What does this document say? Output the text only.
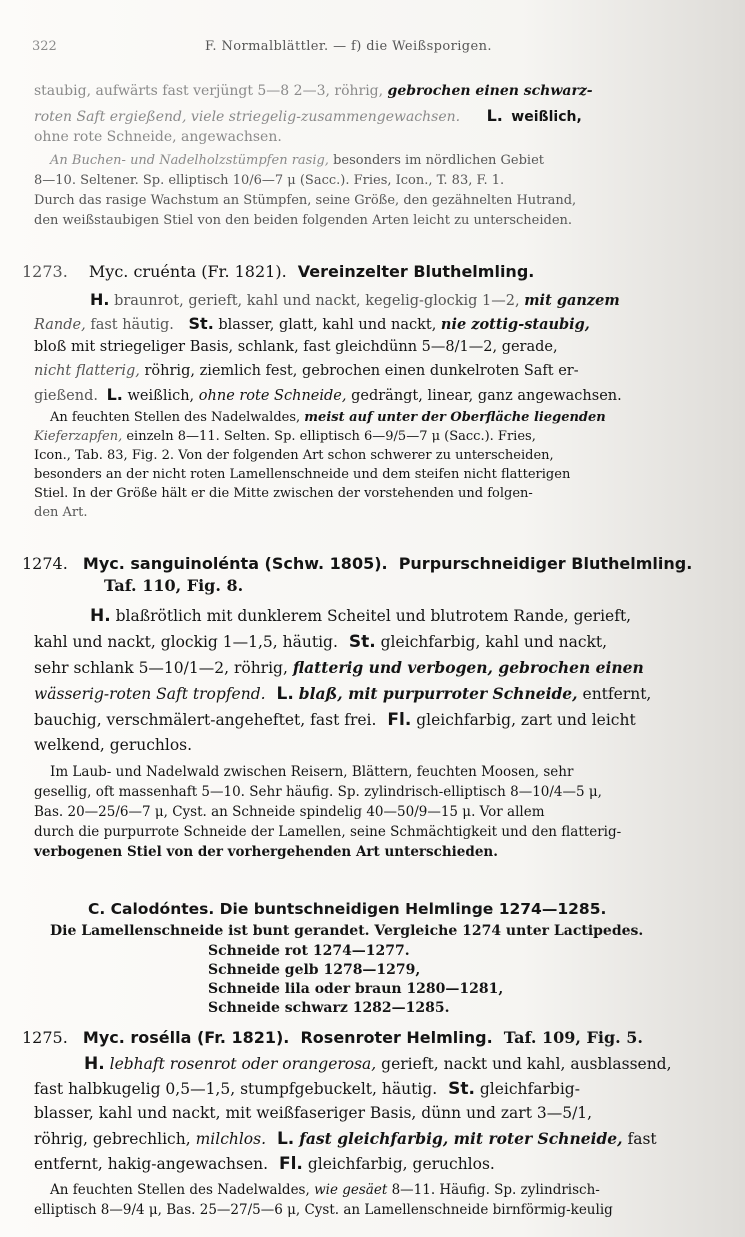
322	F. Normalblättler. — f) die Weißsporigen.
staubig, aufwärts fast verjüngt 5—8 2—3, röhrig, gebrochen einen schwarz-
roten Saft ergießend, viele striegelig-zusammengewachsen. L. weißlich,
ohne rote Schneide, angewachsen.
An Buchen- und Nadelholzstümpfen rasig, besonders im nördlichen Gebiet
8—10. Seltener. Sp. elliptisch 10/6—7 μ (Sacc.). Fries, Icon., T. 83, F. 1.
Durch das rasige Wachstum an Stümpfen, seine Größe, den gezähnelten Hutrand,
den weißstaubigen Stiel von den beiden folgenden Arten leicht zu unterscheiden.
1273. Myc. cruénta (Fr. 1821). Vereinzelter Bluthelmling.
H. braunrot, gerieft, kahl und nackt, kegelig-glockig 1—2, mit ganzem
Rande, fast häutig. St. blasser, glatt, kahl und nackt, nie zottig-staubig,
bloß mit striegeliger Basis, schlank, fast gleichdünn 5—8/1—2, gerade,
nicht flatterig, röhrig, ziemlich fest, gebrochen einen dunkelroten Saft er-
gießend. L. weißlich, ohne rote Schneide, gedrängt, linear, ganz angewachsen.
An feuchten Stellen des Nadelwaldes, meist auf unter der Oberfläche liegenden
Kieferzapfen, einzeln 8—11. Selten. Sp. elliptisch 6—9/5—7 μ (Sacc.). Fries,
Icon., Tab. 83, Fig. 2. Von der folgenden Art schon schwerer zu unterscheiden,
besonders an der nicht roten Lamellenschneide und dem steifen nicht flatterigen
Stiel. In der Größe hält er die Mitte zwischen der vorstehenden und folgen-
den Art.
1274. Myc. sanguinolénta (Schw. 1805). Purpurschneidiger Bluthelmling.
Taf. 110, Fig. 8.
H. blaßrötlich mit dunklerem Scheitel und blutrotem Rande, gerieft,
kahl und nackt, glockig 1—1,5, häutig. St. gleichfarbig, kahl und nackt,
sehr schlank 5—10/1—2, röhrig, flatterig und verbogen, gebrochen einen
wässerig-roten Saft tropfend. L. blaß, mit purpurroter Schneide, entfernt,
bauchig, verschmälert-angeheftet, fast frei. Fl. gleichfarbig, zart und leicht
welkend, geruchlos.
Im Laub- und Nadelwald zwischen Reisern, Blättern, feuchten Moosen, sehr
gesellig, oft massenhaft 5—10. Sehr häufig. Sp. zylindrisch-elliptisch 8—10/4—5 μ,
Bas. 20—25/6—7 μ, Cyst. an Schneide spindelig 40—50/9—15 μ. Vor allem
durch die purpurrote Schneide der Lamellen, seine Schmächtigkeit und den flatterig-
verbogenen Stiel von der vorhergehenden Art unterschieden.
C. Calodóntes. Die buntschneidigen Helmlinge 1274—1285.
Die Lamellenschneide ist bunt gerandet. Vergleiche 1274 unter Lactipedes.
Schneide rot 1274—1277.
Schneide gelb 1278—1279,
Schneide lila oder braun 1280—1281,
Schneide schwarz 1282—1285.
1275. Myc. roséllа (Fr. 1821). Rosenroter Helmling. Taf. 109, Fig. 5.
H. lebhaft rosenrot oder orangerosa, gerieft, nackt und kahl, ausblassend,
fast halbkugelig 0,5—1,5, stumpfgebuckelt, häutig. St. gleichfarbig-
blasser, kahl und nackt, mit weißfaseriger Basis, dünn und zart 3—5/1,
röhrig, gebrechlich, milchlos. L. fast gleichfarbig, mit roter Schneide, fast
entfernt, hakig-angewachsen. Fl. gleichfarbig, geruchlos.
An feuchten Stellen des Nadelwaldes, wie gesäet 8—11. Häufig. Sp. zylindrisch-
elliptisch 8—9/4 μ, Bas. 25—27/5—6 μ, Cyst. an Lamellenschneide birnförmig-keulig
